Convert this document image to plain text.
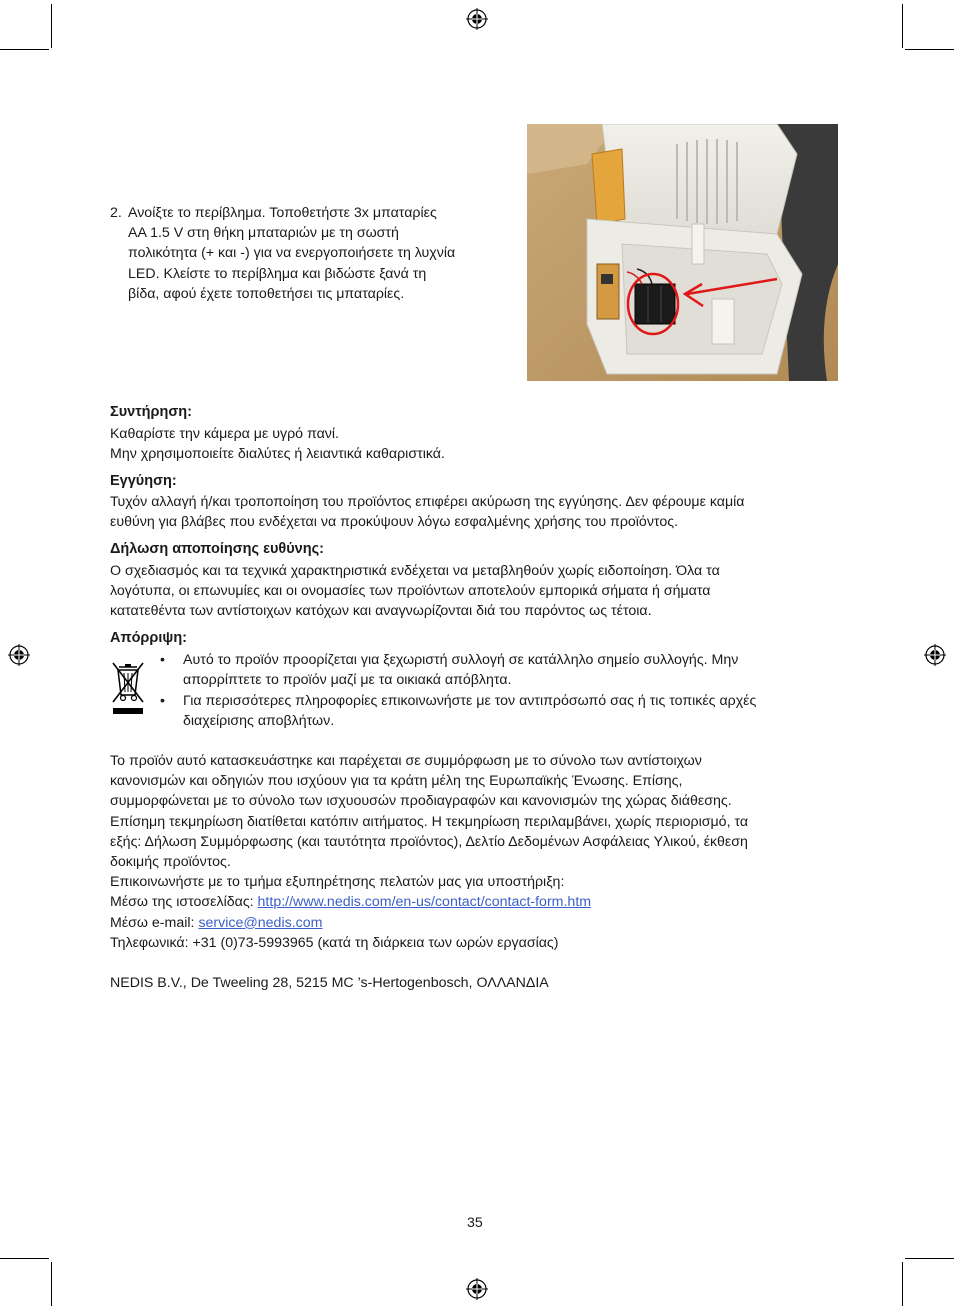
2. Ανοίξτε το περίβλημα. Τοποθετήστε 3x μπαταρίες
AA 1.5 V στη θήκη μπαταριών με τη σωστή
πολικότητα (+ και -) για να ενεργοποιήσετε τη λυχνία
LED. Κλείστε το περίβλημα και βιδώστε ξανά τη
βίδα, αφού έχετε τοποθετήσει τις μπαταρίες.
Συντήρηση:
Καθαρίστε την κάμερα με υγρό πανί.
Μην χρησιμοποιείτε διαλύτες ή λειαντικά καθαριστικά.
Εγγύηση:
Τυχόν αλλαγή ή/και τροποποίηση του προϊόντος επιφέρει ακύρωση της εγγύησης. Δεν φέρουμε καμία
ευθύνη για βλάβες που ενδέχεται να προκύψουν λόγω εσφαλμένης χρήσης του προϊόντος.
Δήλωση αποποίησης ευθύνης:
Ο σχεδιασμός και τα τεχνικά χαρακτηριστικά ενδέχεται να μεταβληθούν χωρίς ειδοποίηση. Όλα τα
λογότυπα, οι επωνυμίες και οι ονομασίες των προϊόντων αποτελούν εμπορικά σήματα ή σήματα
κατατεθέντα των αντίστοιχων κατόχων και αναγνωρίζονται διά του παρόντος ως τέτοια.
Απόρριψη:
• Αυτό το προϊόν προορίζεται για ξεχωριστή συλλογή σε κατάλληλο σημείο συλλογής. Μην
απορρίπτετε το προϊόν μαζί με τα οικιακά απόβλητα.
• Για περισσότερες πληροφορίες επικοινωνήστε με τον αντιπρόσωπό σας ή τις τοπικές αρχές
διαχείρισης αποβλήτων.
Το προϊόν αυτό κατασκευάστηκε και παρέχεται σε συμμόρφωση με το σύνολο των αντίστοιχων
κανονισμών και οδηγιών που ισχύουν για τα κράτη μέλη της Ευρωπαϊκής Ένωσης. Επίσης,
συμμορφώνεται με το σύνολο των ισχυουσών προδιαγραφών και κανονισμών της χώρας διάθεσης.
Επίσημη τεκμηρίωση διατίθεται κατόπιν αιτήματος. Η τεκμηρίωση περιλαμβάνει, χωρίς περιορισμό, τα
εξής: Δήλωση Συμμόρφωσης (και ταυτότητα προϊόντος), Δελτίο Δεδομένων Ασφάλειας Υλικού, έκθεση
δοκιμής προϊόντος.
Επικοινωνήστε με το τμήμα εξυπηρέτησης πελατών μας για υποστήριξη:
Μέσω της ιστοσελίδας: http://www.nedis.com/en-us/contact/contact-form.htm
Μέσω e-mail: service@nedis.com
Τηλεφωνικά: +31 (0)73-5993965 (κατά τη διάρκεια των ωρών εργασίας)
NEDIS B.V., De Tweeling 28, 5215 MC ’s-Hertogenbosch, ΟΛΛΑΝΔΙΑ
35
